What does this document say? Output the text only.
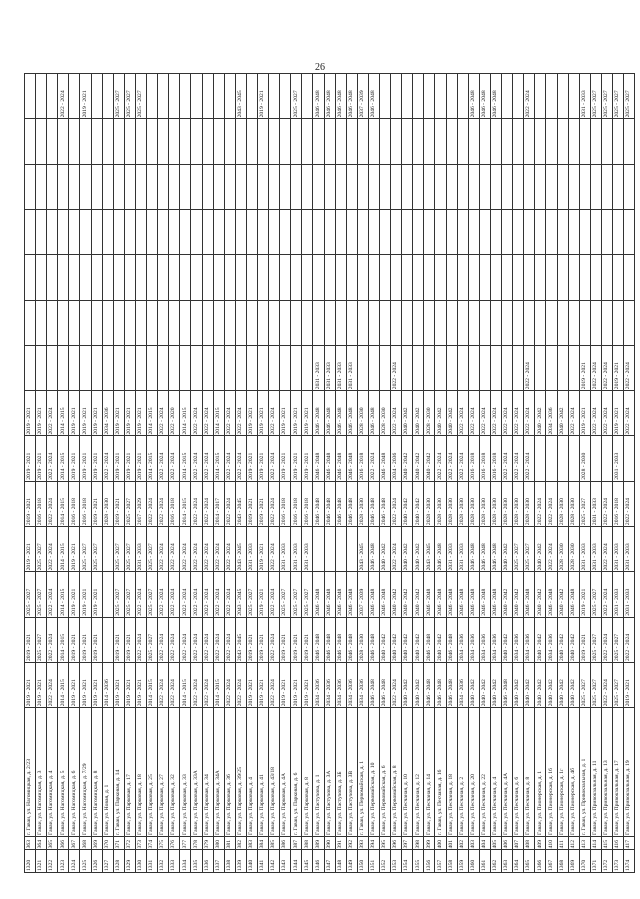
26
1320	363	г. Гаваи, ул. Нагомицкая, д. 2/23	2019 - 2021	2019 - 2021	2025 - 2027	2019 - 2021	2019 - 2021	2019 - 2021	2019 - 2021							
1321	364	Гаваи, ул. Нагомицкая, д. 3	2019 - 2021	2025 - 2027	2025 - 2027	2025 - 2027	2016 - 2018	2019 - 2021	2019 - 2021							
1322	365	Гаваи, ул. Нагомицкая, д. 4	2022 - 2024	2022 - 2024	2022 - 2024	2022 - 2024	2022 - 2024	2022 - 2024	2022 - 2024							
1323	366	Гаваи, ул. Нагомицкая, д. 5	2014 - 2015	2014 - 2015	2014 - 2015	2014 - 2015	2014 - 2015	2014 - 2015	2014 - 2015							2022 - 2024
1324	367	Гаваи, ул. Нагомицкая, д. 6	2019 - 2021	2019 - 2021	2019 - 2021	2019 - 2021	2016 - 2018	2019 - 2021	2019 - 2021							
1325	368	Гаваи, ул. Нагомицкая, д. 7/29	2019 - 2021	2019 - 2021	2019 - 2021	2025 - 2027	2016 - 2018	2019 - 2021	2019 - 2021							2019 - 2021
1326	369	Гаваи, ул. Нагомицкая, д. 8	2019 - 2021	2019 - 2021	2019 - 2021	2025 - 2027	2019 - 2021	2019 - 2021	2019 - 2021							
1327	370	Гаваи, ул. Новая, д. 1	2014 - 2036				2028 - 2030	2022 - 2024	2034 - 2036							
1328	371	г. Гаваи, ул. Парковая, д. 14	2019 - 2021	2019 - 2021	2025 - 2027	2025 - 2027	2019 - 2021	2019 - 2021	2019 - 2021							2025 - 2027
1329	372	Гаваи, ул. Парковая, д. 17	2019 - 2021	2019 - 2021	2025 - 2027	2025 - 2027	2025 - 2027	2019 - 2021	2019 - 2021							2025 - 2027
1330	373	Гаваи, ул. Парковая, д. 18	2019 - 2021	2022 - 2024	2022 - 2024	2031 - 2033	2017 - 2029	2019 - 2021	2019 - 2021							2025 - 2027
1331	374	Гаваи, ул. Парковая, д. 25	2014 - 2015	2025 - 2027	2025 - 2027	2025 - 2027	2022 - 2024	2014 - 2015	2014 - 2015							
1332	375	Гаваи, ул. Парковая, д. 27	2022 - 2024	2022 - 2024	2022 - 2024	2022 - 2024	2022 - 2024	2022 - 2024	2022 - 2024							
1333	376	Гаваи, ул. Парковая, д. 32	2022 - 2024	2022 - 2024	2022 - 2024	2022 - 2024	2016 - 2018	2022 - 2024	2022 - 2020							
1334	377	Гаваи, ул. Парковая, д. 33	2014 - 2015	2022 - 2024	2022 - 2024	2022 - 2024	2014 - 2015	2014 - 2015	2014 - 2015							
1335	378	Гаваи, ул. Парковая, д. 33А	2022 - 2024	2022 - 2024	2022 - 2024	2022 - 2024	2022 - 2024	2022 - 2024	2022 - 2024							
1336	379	Гаваи, ул. Парковая, д. 34	2022 - 2024	2022 - 2024	2022 - 2024	2022 - 2024	2022 - 2024	2022 - 2024	2022 - 2024							
1337	380	Гаваи, ул. Парковая, д. 34А	2014 - 2015	2022 - 2024	2022 - 2024	2022 - 2024	2014 - 2017	2014 - 2015	2014 - 2015							
1338	381	Гаваи, ул. Парковая, д. 36	2022 - 2024	2022 - 2024	2022 - 2024	2022 - 2024	2022 - 2024	2022 - 2024	2022 - 2024							
1339	382	Гаваи, ул. Парковая, д. 39/25	2022 - 2024	2043 - 2045	2043 - 2045	2043 - 2045	2043 - 2045	2022 - 2024	2022 - 2024							2043 - 2045
1340	383	Гаваи, ул. Парковая, д. 4	2019 - 2021	2019 - 2021	2025 - 2027	2031 - 2033	2019 - 2021	2019 - 2021	2019 - 2021							
1341	384	Гаваи, ул. Парковая, д. 41	2019 - 2021	2019 - 2021	2019 - 2021	2019 - 2021	2019 - 2021	2019 - 2021	2019 - 2021							2019 - 2021
1342	385	Гаваи, ул. Парковая, д. 43/18	2022 - 2024	2022 - 2024	2022 - 2024	2022 - 2024	2022 - 2024	2022 - 2024	2022 - 2024							
1343	386	Гаваи, ул. Парковая, д. 4А	2019 - 2021	2019 - 2021	2025 - 2027	2031 - 2033	2016 - 2018	2019 - 2021	2019 - 2021							
1344	387	г. Гаваи, ул. Парковая, д. 6	2019 - 2021	2019 - 2021	2025 - 2027	2031 - 2033	2016 - 2018	2019 - 2021	2019 - 2021							2025 - 2027
1345	388	Гаваи, ул. Парковая, д. 8	2019 - 2021	2019 - 2021	2025 - 2027	2031 - 2033	2016 - 2018	2019 - 2021	2019 - 2021							
1346	389	Гаваи, ул. Пастухова, д. 1	2034 - 2036	2046 - 2048	2046 - 2048		2046 - 2048	2046 - 2048	2046 - 2048	2031 - 2033						2046 - 2048
1347	390	Гаваи, ул. Пастухова, д. 3А	2034 - 2036	2046 - 2048	2046 - 2048		2046 - 2048	2046 - 2048	2046 - 2048	2031 - 2033						2046 - 2048
1348	391	Гаваи, ул. Пастухова, д. 3Б	2034 - 2036	2046 - 2048	2046 - 2048		2046 - 2048	2046 - 2048	2046 - 2048	2031 - 2033						2046 - 2048
1349	392	Гаваи, ул. Пастухова, д. 3В	2034 - 2036	2046 - 2048	2046 - 2048		2046 - 2048	2046 - 2048	2046 - 2048	2031 - 2033						2046 - 2048
1350	393	г. Гаваи, ул. Первомайская, д. 1	2034 - 2036	2028 - 2030	2037 - 2039	2043 - 2045	2028 - 2030	2016 - 2018	2028 - 2030							2037 - 2039
1351	394	Гаваи, ул. Первомайская, д. 10	2046 - 2048	2046 - 2048	2046 - 2048	2046 - 2048	2046 - 2048	2022 - 2024	2046 - 2048							2046 - 2048
1352	395	Гаваи, ул. Первомайская, д. 6	2046 - 2048	2040 - 2042	2046 - 2048	2040 - 2042	2046 - 2048	2046 - 2048	2028 - 2030							
1353	396	Гаваи, ул. Первомайская, д. 8	2022 - 2024	2040 - 2042	2040 - 2042	2022 - 2024	2022 - 2024	2034 - 2036	2022 - 2024	2022 - 2024						
1354	397	Гаваи, ул. Песчаная, д. 10	2040 - 2042	2040 - 2042	2040 - 2042	2040 - 2042	2040 - 2042	2040 - 2042	2040 - 2042							
1355	398	Гаваи, ул. Песчаная, д. 12	2040 - 2042	2040 - 2042	2040 - 2042	2040 - 2042	2040 - 2042	2040 - 2042	2040 - 2042							
1356	399	Гаваи, ул. Песчаная, д. 14	2046 - 2048	2046 - 2048	2046 - 2048	2043 - 2045	2028 - 2030	2040 - 2042	2028 - 2030							
1357	400	г. Гаваи, ул. Песчаная, д. 16	2046 - 2048	2040 - 2042	2046 - 2048	2046 - 2048	2028 - 2030	2022 - 2024	2040 - 2042							
1358	401	Гаваи, ул. Песчаная, д. 18	2046 - 2048	2046 - 2048	2046 - 2048	2031 - 2033	2028 - 2030	2022 - 2024	2040 - 2042							
1359	402	Гаваи, ул. Песчаная, д. 2	2034 - 2036	2034 - 2036	2046 - 2048	2031 - 2033	2028 - 2030	2022 - 2024	2022 - 2024							
1360	403	Гаваи, ул. Песчаная, д. 20	2040 - 2042	2034 - 2036	2046 - 2048	2046 - 2048	2028 - 2030	2016 - 2018	2022 - 2024							2046 - 2048
1361	404	Гаваи, ул. Песчаная, д. 22	2040 - 2042	2034 - 2036	2046 - 2048	2046 - 2048	2028 - 2030	2016 - 2018	2022 - 2024							2046 - 2048
1362	405	Гаваи, ул. Песчаная, д. 4	2040 - 2042	2034 - 2036	2046 - 2048	2046 - 2048	2028 - 2030	2016 - 2018	2022 - 2024							2046 - 2048
1363	406	Гаваи, ул. Песчаная, д. 4А	2046 - 2048	2040 - 2042	2040 - 2042	2040 - 2042	2028 - 2030	2022 - 2024	2022 - 2024							
1364	407	Гаваи, ул. Песчаная, д. 6	2040 - 2042	2034 - 2036	2040 - 2042	2025 - 2027	2028 - 2030	2022 - 2024	2022 - 2024							
1365	408	Гаваи, ул. Песчаная, д. 8	2040 - 2042	2034 - 2036	2046 - 2048	2025 - 2027	2028 - 2030	2022 - 2024	2022 - 2024	2022 - 2024						2022 - 2024
1366	409	Гаваи, ул. Пионерская, д. 1	2040 - 2042	2040 - 2042	2040 - 2042	2040 - 2042	2022 - 2024		2040 - 2042							
1367	410	Гаваи, ул. Пионерская, д. 16	2040 - 2042	2034 - 2036	2046 - 2048	2022 - 2024	2022 - 2024		2034 - 2036							
1368	411	Гаваи, ул. Пионерская, д. 1г	2040 - 2042	2040 - 2042	2040 - 2042	2028 - 2030	2028 - 2030		2040 - 2042							
1369	412	Гаваи, ул. Пионерская, д. 4б	2040 - 2042	2040 - 2042	2046 - 2048	2028 - 2030	2028 - 2030		2022 - 2024							
1370	413	г. Гаваи, ул. Привокзальная, д. 1	2025 - 2027	2019 - 2021	2019 - 2021	2031 - 2033	2025 - 2027	2028 - 2030	2019 - 2021	2019 - 2021						2031 - 2033
1371	414	Гаваи, ул. Привокзальная, д. 11	2025 - 2027	2025 - 2027	2025 - 2027	2031 - 2033	2031 - 2033		2022 - 2024	2022 - 2024						2025 - 2027
1372	415	Гаваи, ул. Привокзальная, д. 13	2022 - 2024	2022 - 2024	2022 - 2024	2022 - 2024	2022 - 2024		2022 - 2024	2022 - 2024						2025 - 2027
1373	416	Гаваи, ул. Привокзальная, д. 17	2025 - 2027	2025 - 2027	2031 - 2033	2031 - 2033	2016 - 2018	2031 - 2033	2019 - 2021	2019 - 2021						2025 - 2027
1374	417	Гаваи, ул. Привокзальная, д. 19	2019 - 2021	2022 - 2024	2031 - 2033	2031 - 2033	2022 - 2024		2022 - 2024	2022 - 2024						2025 - 2027
